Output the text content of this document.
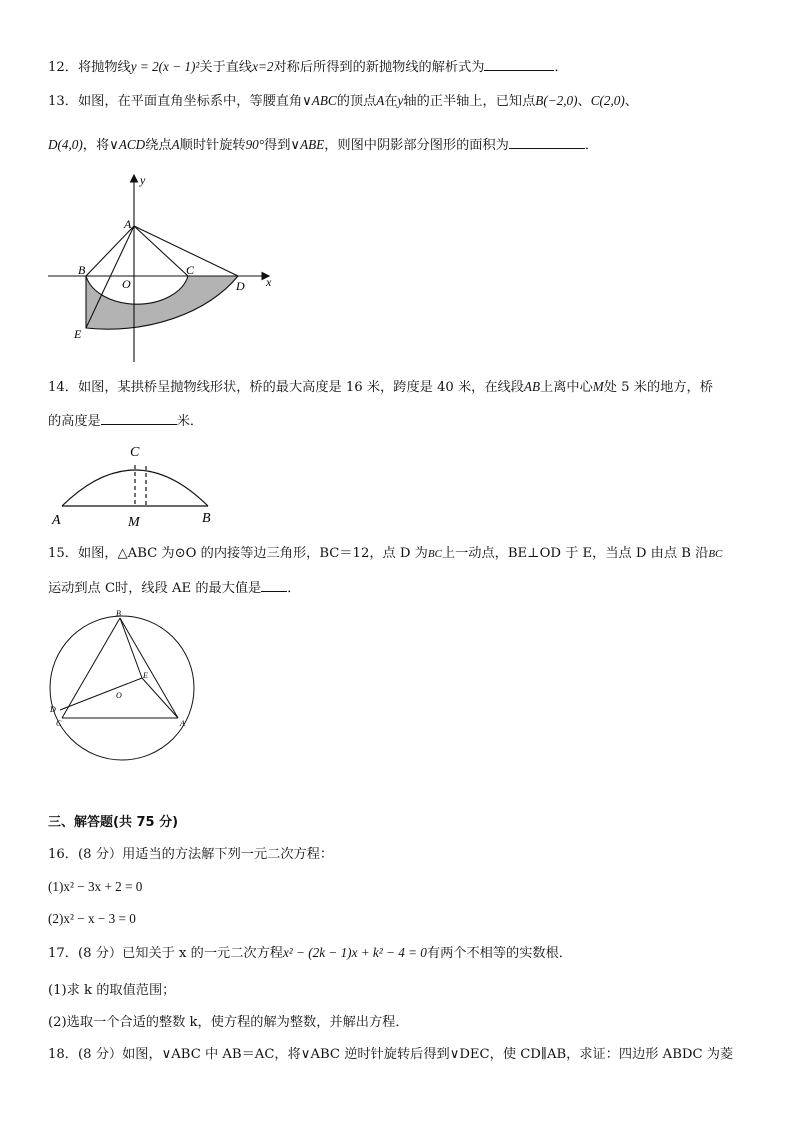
12．将抛物线y = 2(x − 1)²关于直线x=2对称后所得到的新抛物线的解析式为	．
13．如图，在平面直角坐标系中，等腰直角∨ABC的顶点A在y轴的正半轴上，已知点B(−2,0)、C(2,0)、
D(4,0)，将∨ACD绕点A顺时针旋转90°得到∨ABE，则图中阴影部分图形的面积为	．
y
x
A
B
O
C
D
E
14．如图，某拱桥呈抛物线形状，桥的最大高度是 16 米，跨度是 40 米，在线段AB上离中心M处 5 米的地方，桥
的高度是	米．
C
A	M	B
15．如图，△ABC 为⊙O 的内接等边三角形，BC＝12，点 D 为BC上一动点，BE⊥OD 于 E，当点 D 由点 B 沿BC
运动到点 C时，线段 AE 的最大值是 ．
B
E
O
D
C	A
三、解答题(共 75 分)
16．(8 分）用适当的方法解下列一元二次方程：
(1)x² − 3x + 2 = 0
(2)x² − x − 3 = 0
17．(8 分）已知关于 x 的一元二次方程x² − (2k − 1)x + k² − 4 = 0有两个不相等的实数根．
(1)求 k 的取值范围；
(2)选取一个合适的整数 k，使方程的解为整数，并解出方程．
18．(8 分）如图，∨ABC 中 AB＝AC，将∨ABC 逆时针旋转后得到∨DEC，使 CD∥AB，求证：四边形 ABDC 为菱
